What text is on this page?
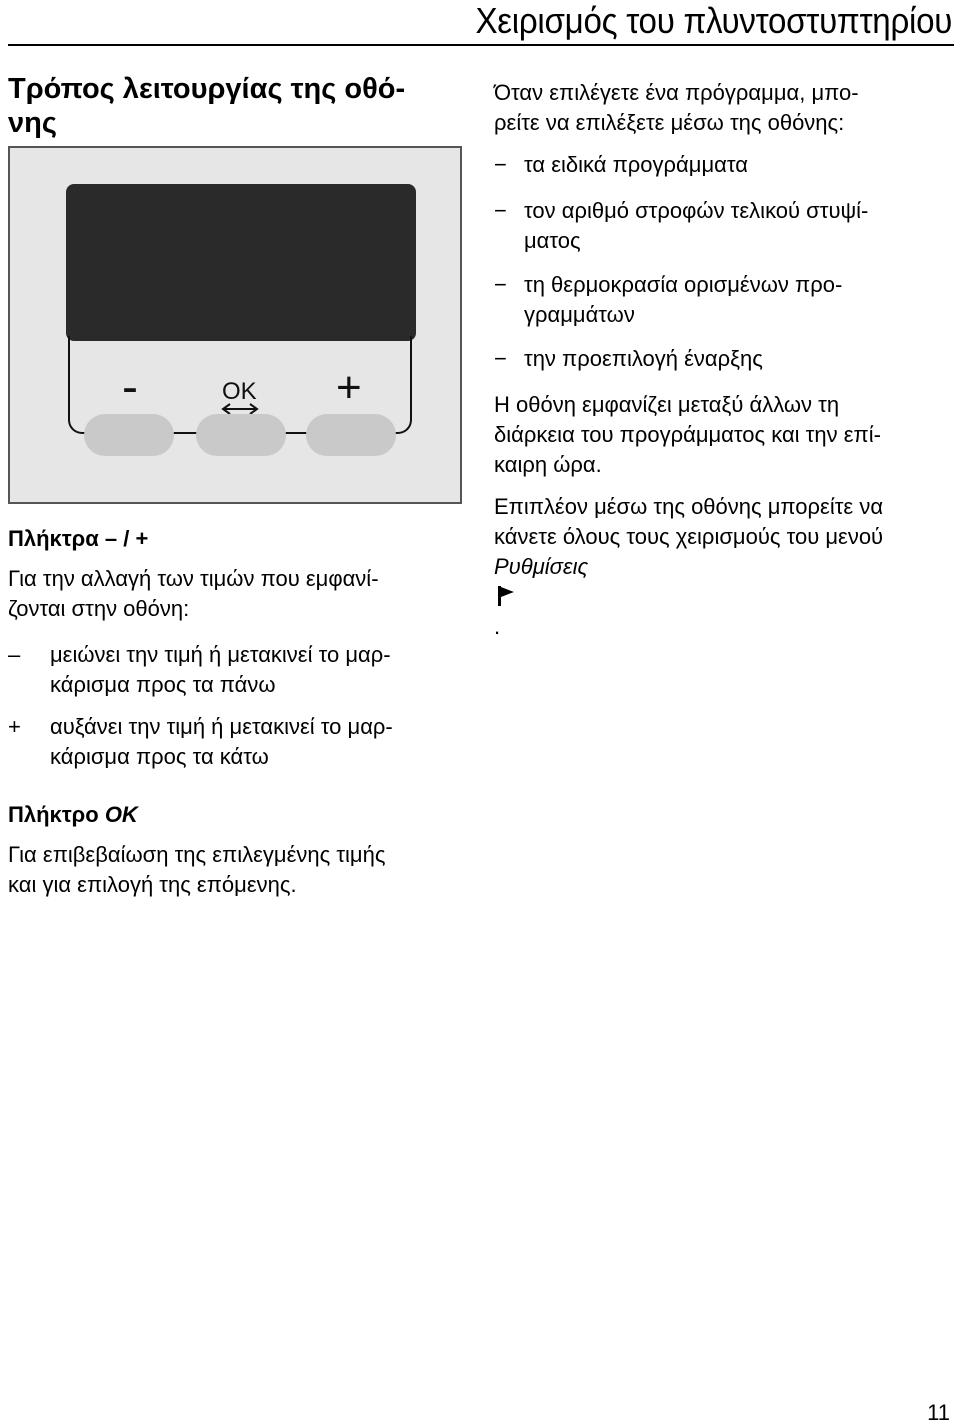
Χειρισμός του πλυντοστυπτηρίου
Τρόπος λειτουργίας της οθό-
νης
-	OK +
Πλήκτρα – / +
Για την αλλαγή των τιμών που εμφανί-
ζονται στην οθόνη:
– μειώνει την τιμή ή μετακινεί το μαρ-
κάρισμα προς τα πάνω
+ αυξάνει την τιμή ή μετακινεί το μαρ-
κάρισμα προς τα κάτω
Πλήκτρο OK
Για επιβεβαίωση της επιλεγμένης τιμής
και για επιλογή της επόμενης.
Όταν επιλέγετε ένα πρόγραμμα, μπο-
ρείτε να επιλέξετε μέσω της οθόνης:
− τα ειδικά προγράμματα
− τον αριθμό στροφών τελικού στυψί-
ματος
− τη θερμοκρασία ορισμένων προ-
γραμμάτων
− την προεπιλογή έναρξης
Η οθόνη εμφανίζει μεταξύ άλλων τη
διάρκεια του προγράμματος και την επί-
καιρη ώρα.
Επιπλέον μέσω της οθόνης μπορείτε να
κάνετε όλους τους χειρισμούς του μενού
Ρυθμίσεις
.
11
